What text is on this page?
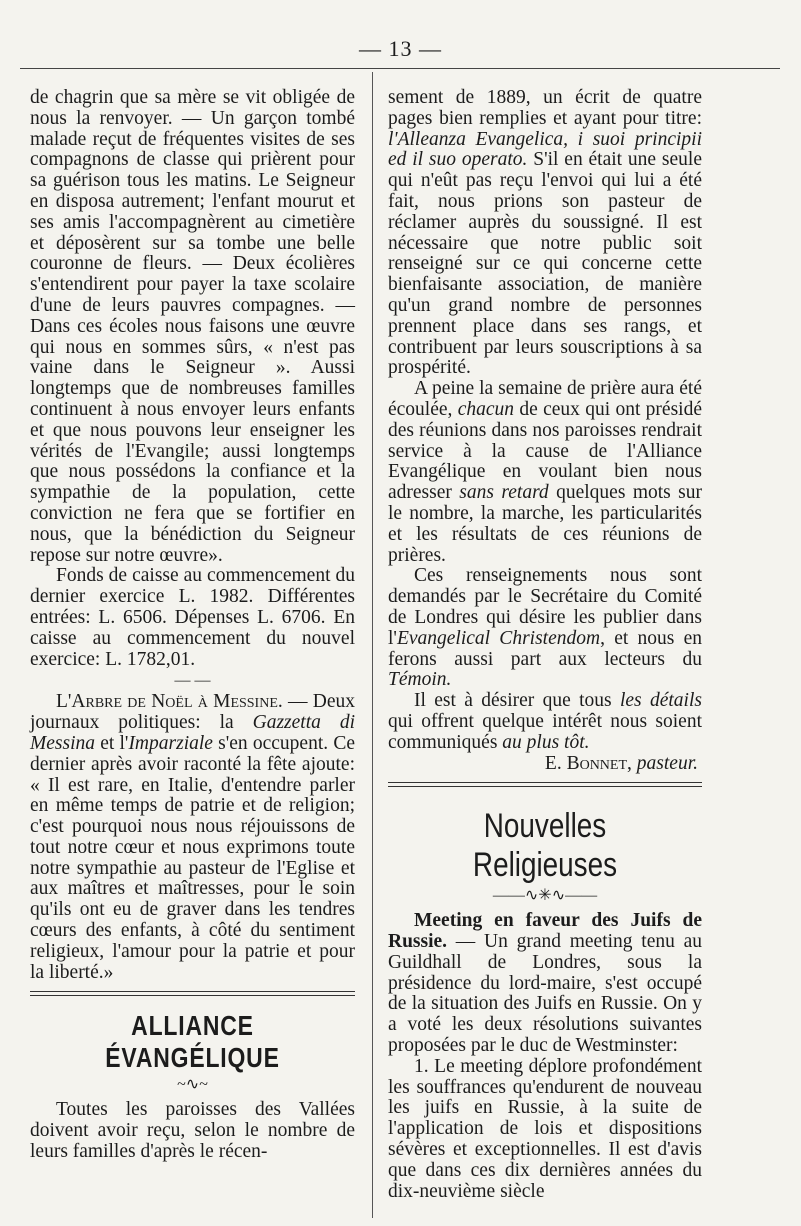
— 13 —

de chagrin que sa mère se vit obligée de nous la renvoyer. — Un garçon tombé malade reçut de fréquentes visites de ses compagnons de classe qui prièrent pour sa guérison tous les matins. Le Seigneur en disposa autrement; l'enfant mourut et ses amis l'accompagnèrent au cimetière et déposèrent sur sa tombe une belle couronne de fleurs. — Deux écolières s'entendirent pour payer la taxe scolaire d'une de leurs pauvres compagnes. — Dans ces écoles nous faisons une œuvre qui nous en sommes sûrs, « n'est pas vaine dans le Seigneur ». Aussi longtemps que de nombreuses familles continuent à nous envoyer leurs enfants et que nous pouvons leur enseigner les vérités de l'Evangile; aussi longtemps que nous possédons la confiance et la sympathie de la population, cette conviction ne fera que se fortifier en nous, que la bénédiction du Seigneur repose sur notre œuvre».

Fonds de caisse au commencement du dernier exercice L. 1982. Différentes entrées: L. 6506. Dépenses L. 6706. En caisse au commencement du nouvel exercice: L. 1782,01.

— —

L'Arbre de Noël à Messine. — Deux journaux politiques: la Gazzetta di Messina et l'Imparziale s'en occupent. Ce dernier après avoir raconté la fête ajoute: « Il est rare, en Italie, d'entendre parler en même temps de patrie et de religion; c'est pourquoi nous nous réjouissons de tout notre cœur et nous exprimons toute notre sympathie au pasteur de l'Eglise et aux maîtres et maîtresses, pour le soin qu'ils ont eu de graver dans les tendres cœurs des enfants, à côté du sentiment religieux, l'amour pour la patrie et pour la liberté.»

ALLIANCE ÉVANGÉLIQUE
~∿~

Toutes les paroisses des Vallées doivent avoir reçu, selon le nombre de leurs familles d'après le récen-

sement de 1889, un écrit de quatre pages bien remplies et ayant pour titre: l'Alleanza Evangelica, i suoi principii ed il suo operato. S'il en était une seule qui n'eût pas reçu l'envoi qui lui a été fait, nous prions son pasteur de réclamer auprès du soussigné. Il est nécessaire que notre public soit renseigné sur ce qui concerne cette bienfaisante association, de manière qu'un grand nombre de personnes prennent place dans ses rangs, et contribuent par leurs souscriptions à sa prospérité.

A peine la semaine de prière aura été écoulée, chacun de ceux qui ont présidé des réunions dans nos paroisses rendrait service à la cause de l'Alliance Evangélique en voulant bien nous adresser sans retard quelques mots sur le nombre, la marche, les particularités et les résultats de ces réunions de prières.

Ces renseignements nous sont demandés par le Secrétaire du Comité de Londres qui désire les publier dans l'Evangelical Christendom, et nous en ferons aussi part aux lecteurs du Témoin.

Il est à désirer que tous les détails qui offrent quelque intérêt nous soient communiqués au plus tôt.

E. Bonnet, pasteur.

Nouvelles Religieuses
——∿✳∿——

Meeting en faveur des Juifs de Russie. — Un grand meeting tenu au Guildhall de Londres, sous la présidence du lord-maire, s'est occupé de la situation des Juifs en Russie. On y a voté les deux résolutions suivantes proposées par le duc de Westminster:

1. Le meeting déplore profondément les souffrances qu'endurent de nouveau les juifs en Russie, à la suite de l'application de lois et dispositions sévères et exceptionnelles. Il est d'avis que dans ces dix dernières années du dix-neuvième siècle
